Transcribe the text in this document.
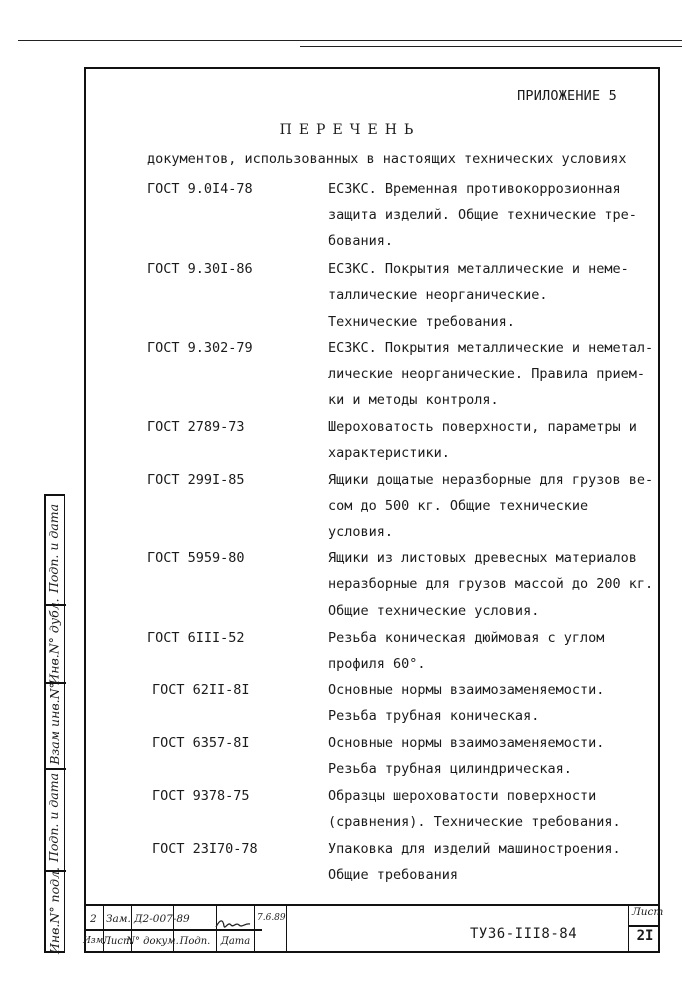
Инв.N° подл.
Подп. и дата
Взам инв.N°
Инв.N° дубл.
Подп. и дата
ПРИЛОЖЕНИЕ 5
ПЕРЕЧЕНЬ
документов, использованных в настоящих технических условиях
ГОСТ 9.0I4-78	ЕСЗКС. Временная противокоррозионная
защита изделий. Общие технические тре-
бования.
ГОСТ 9.30I-86	ЕСЗКС. Покрытия металлические и неме-
таллические неорганические.
Технические требования.
ГОСТ 9.302-79	ЕСЗКС. Покрытия металлические и неметал-
лические неорганические. Правила прием-
ки и методы контроля.
ГОСТ 2789-73	Шероховатость поверхности, параметры и
характеристики.
ГОСТ 299I-85	Ящики дощатые неразборные для грузов ве-
сом до 500 кг. Общие технические
условия.
ГОСТ 5959-80	Ящики из листовых древесных материалов
неразборные для грузов массой до 200 кг.
Общие технические условия.
ГОСТ 6III-52	Резьба коническая дюймовая с углом
профиля 60°.
ГОСТ 62II-8I	Основные нормы взаимозаменяемости.
Резьба трубная коническая.
ГОСТ 6357-8I	Основные нормы взаимозаменяемости.
Резьба трубная цилиндрическая.
ГОСТ 9378-75	Образцы шероховатости поверхности
(сравнения). Технические требования.
ГОСТ 23I70-78	Упаковка для изделий машиностроения.
Общие требования
2 Зам. Д2-007-89	7.6.89
Изм.
Лист
N° докум. Подп.	Дата	ТУ36-III8-84
Лист
2I
